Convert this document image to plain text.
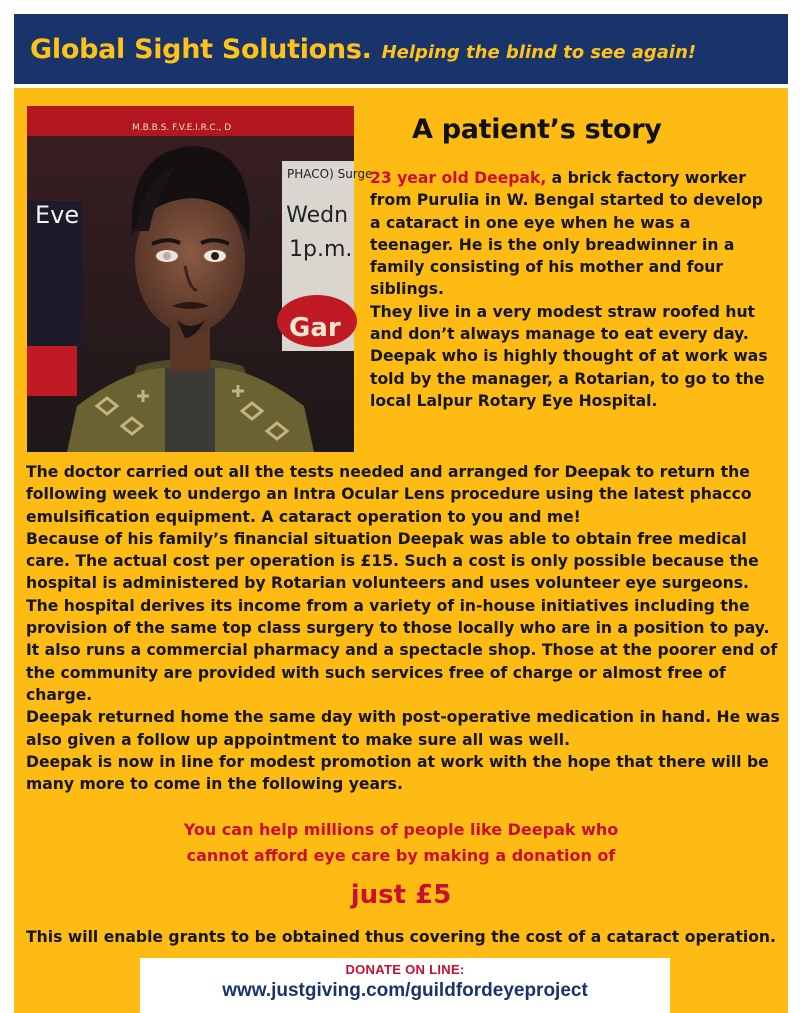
Global Sight Solutions. Helping the blind to see again!
M.B.B.S. F.V.E.I.R.C., D
PHACO) Surge
Eve	& Wedn
1p.m.
Gar
A patient’s story

23 year old Deepak, a brick factory worker from Purulia in W. Bengal started to develop a cataract in one eye when he was a teenager. He is the only breadwinner in a family consisting of his mother and four siblings.

They live in a very modest straw roofed hut and don’t always manage to eat every day.

Deepak who is highly thought of at work was told by the manager, a Rotarian, to go to the local Lalpur Rotary Eye Hospital.

The doctor carried out all the tests needed and arranged for Deepak to return the following week to undergo an Intra Ocular Lens procedure using the latest phacco emulsification equipment. A cataract operation to you and me!

Because of his family’s financial situation Deepak was able to obtain free medical care. The actual cost per operation is £15. Such a cost is only possible because the hospital is administered by Rotarian volunteers and uses volunteer eye surgeons.

The hospital derives its income from a variety of in-house initiatives including the provision of the same top class surgery to those locally who are in a position to pay. It also runs a commercial pharmacy and a spectacle shop. Those at the poorer end of the community are provided with such services free of charge or almost free of charge.

Deepak returned home the same day with post-operative medication in hand. He was also given a follow up appointment to make sure all was well.

Deepak is now in line for modest promotion at work with the hope that there will be many more to come in the following years.

You can help millions of people like Deepak who

cannot afford eye care by making a donation of

just £5

This will enable grants to be obtained thus covering the cost of a cataract operation.

DONATE ON LINE:
www.justgiving.com/guildfordeyeproject
